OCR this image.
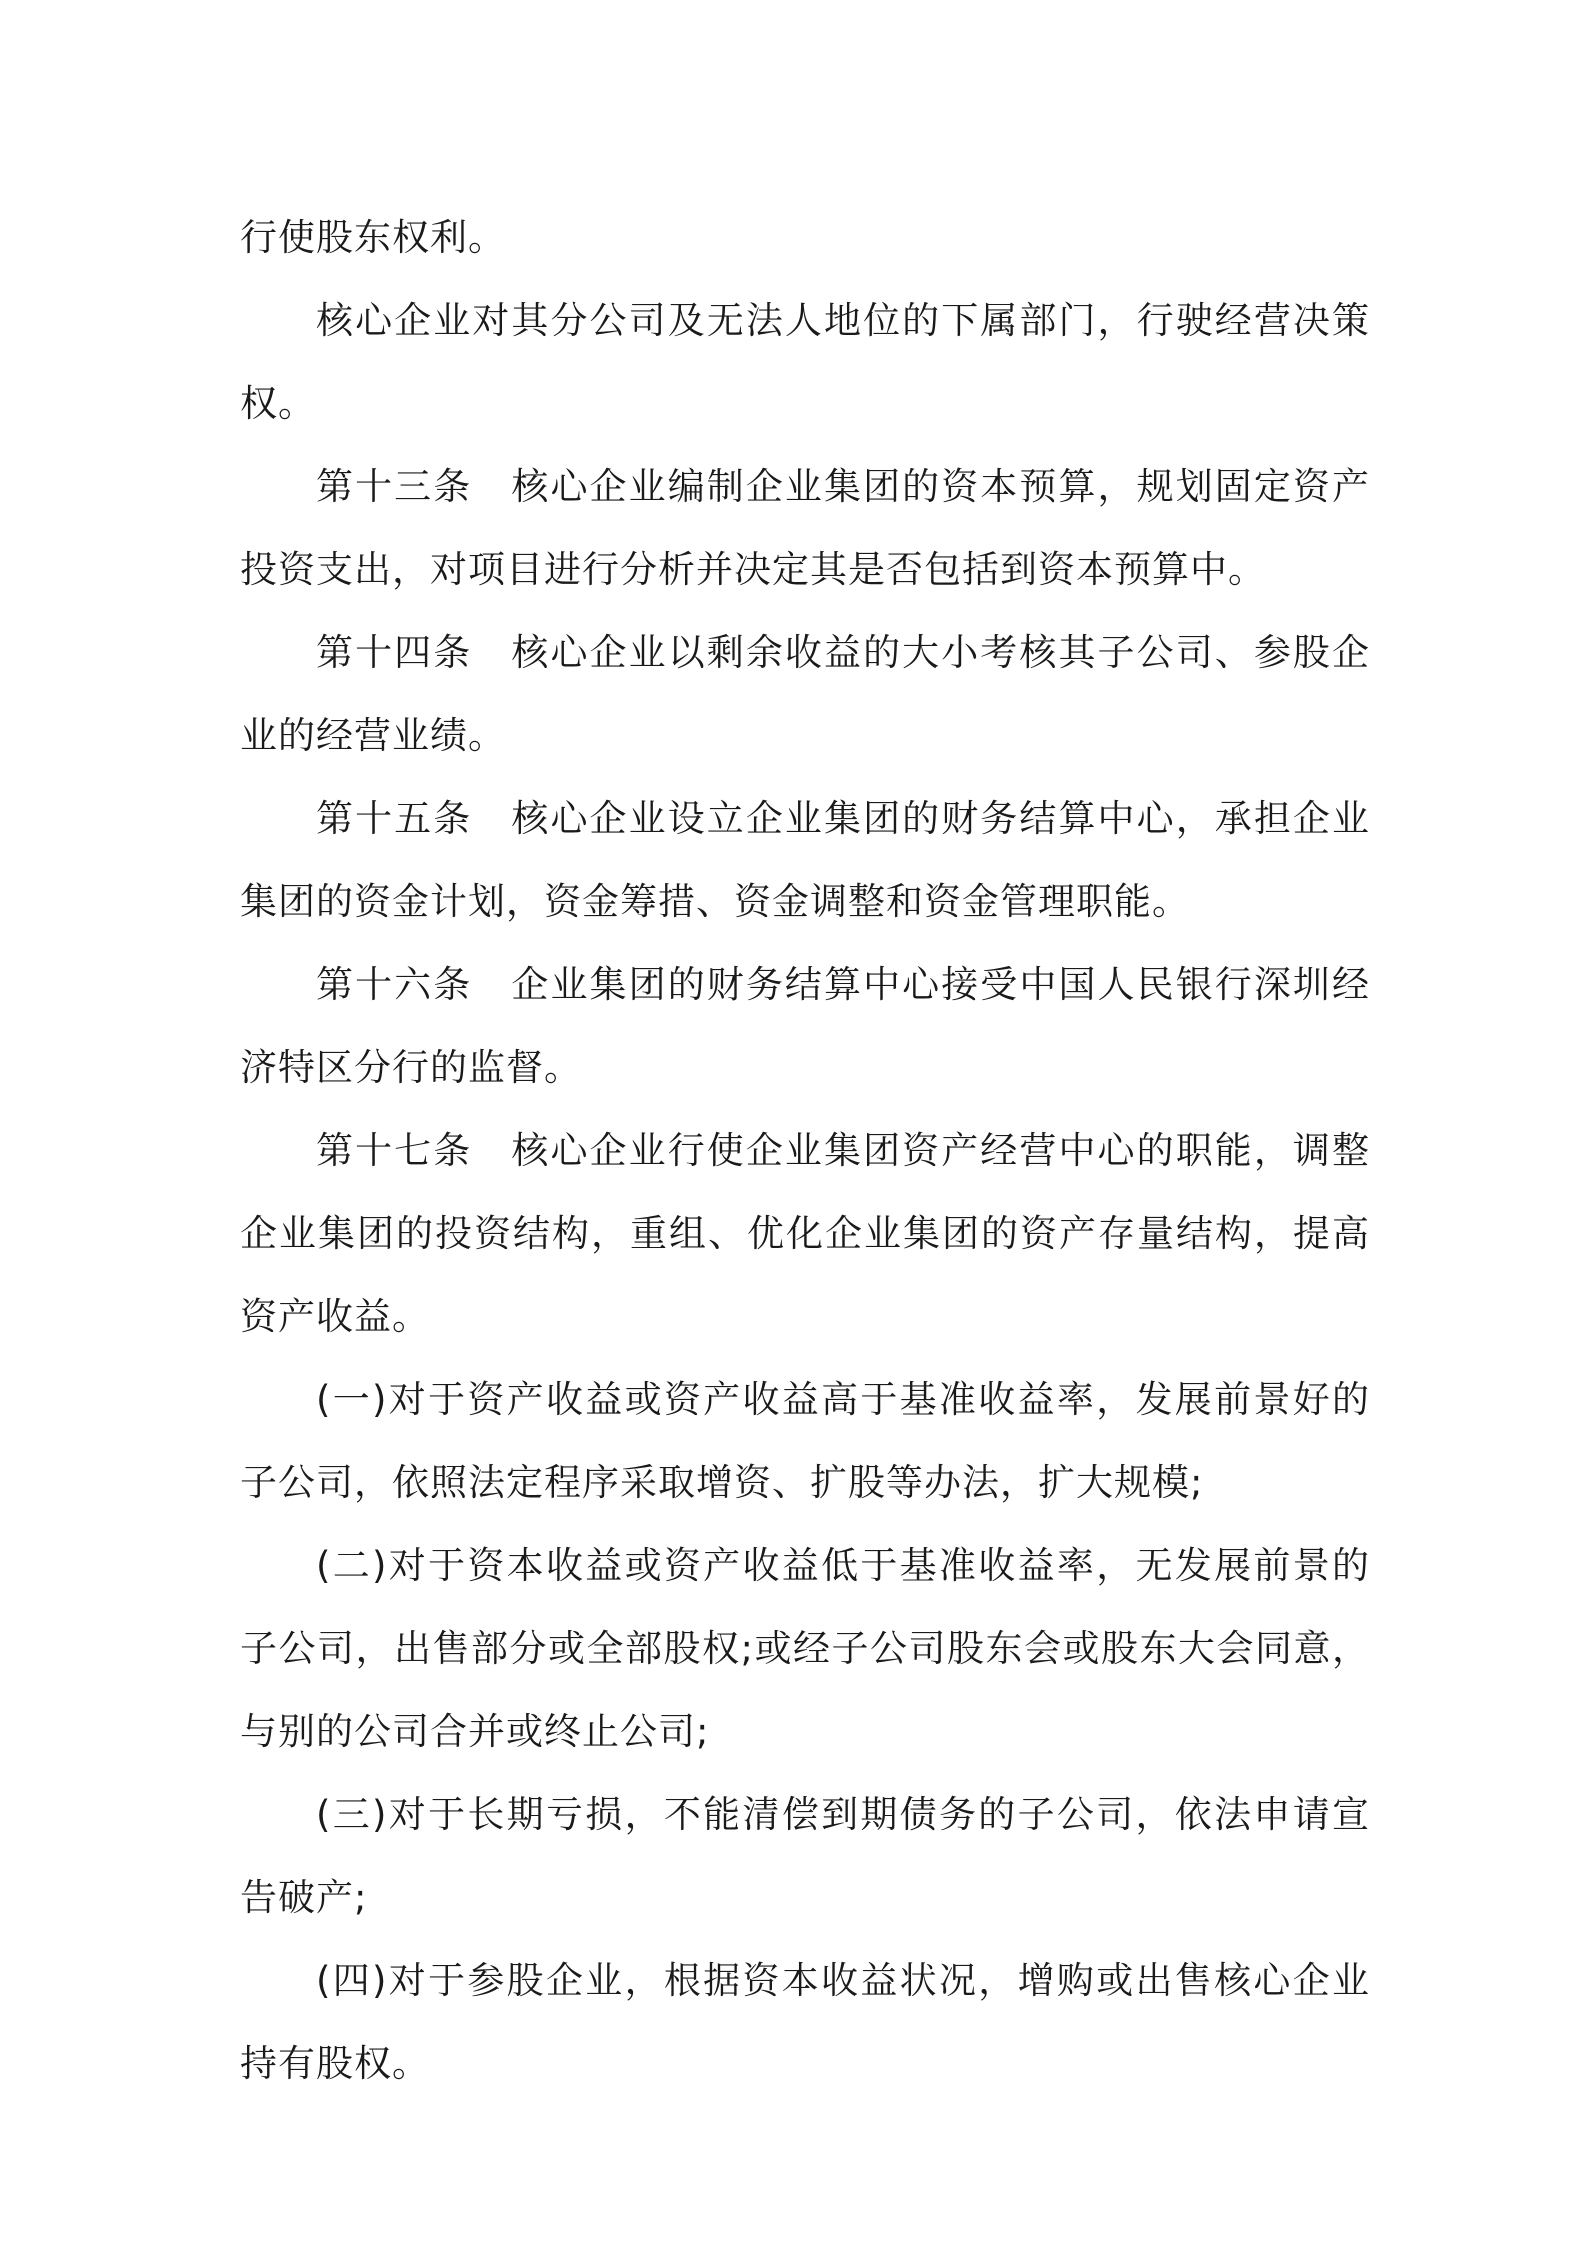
行使股东权利。

核心企业对其分公司及无法人地位的下属部门，行驶经营决策权。

第十三条 核心企业编制企业集团的资本预算，规划固定资产投资支出，对项目进行分析并决定其是否包括到资本预算中。

第十四条 核心企业以剩余收益的大小考核其子公司、参股企业的经营业绩。

第十五条 核心企业设立企业集团的财务结算中心，承担企业集团的资金计划，资金筹措、资金调整和资金管理职能。

第十六条 企业集团的财务结算中心接受中国人民银行深圳经济特区分行的监督。

第十七条 核心企业行使企业集团资产经营中心的职能，调整企业集团的投资结构，重组、优化企业集团的资产存量结构，提高资产收益。

(一)对于资产收益或资产收益高于基准收益率，发展前景好的子公司，依照法定程序采取增资、扩股等办法，扩大规模;

(二)对于资本收益或资产收益低于基准收益率，无发展前景的子公司，出售部分或全部股权;或经子公司股东会或股东大会同意，与别的公司合并或终止公司;

(三)对于长期亏损，不能清偿到期债务的子公司，依法申请宣告破产;

(四)对于参股企业，根据资本收益状况，增购或出售核心企业持有股权。
